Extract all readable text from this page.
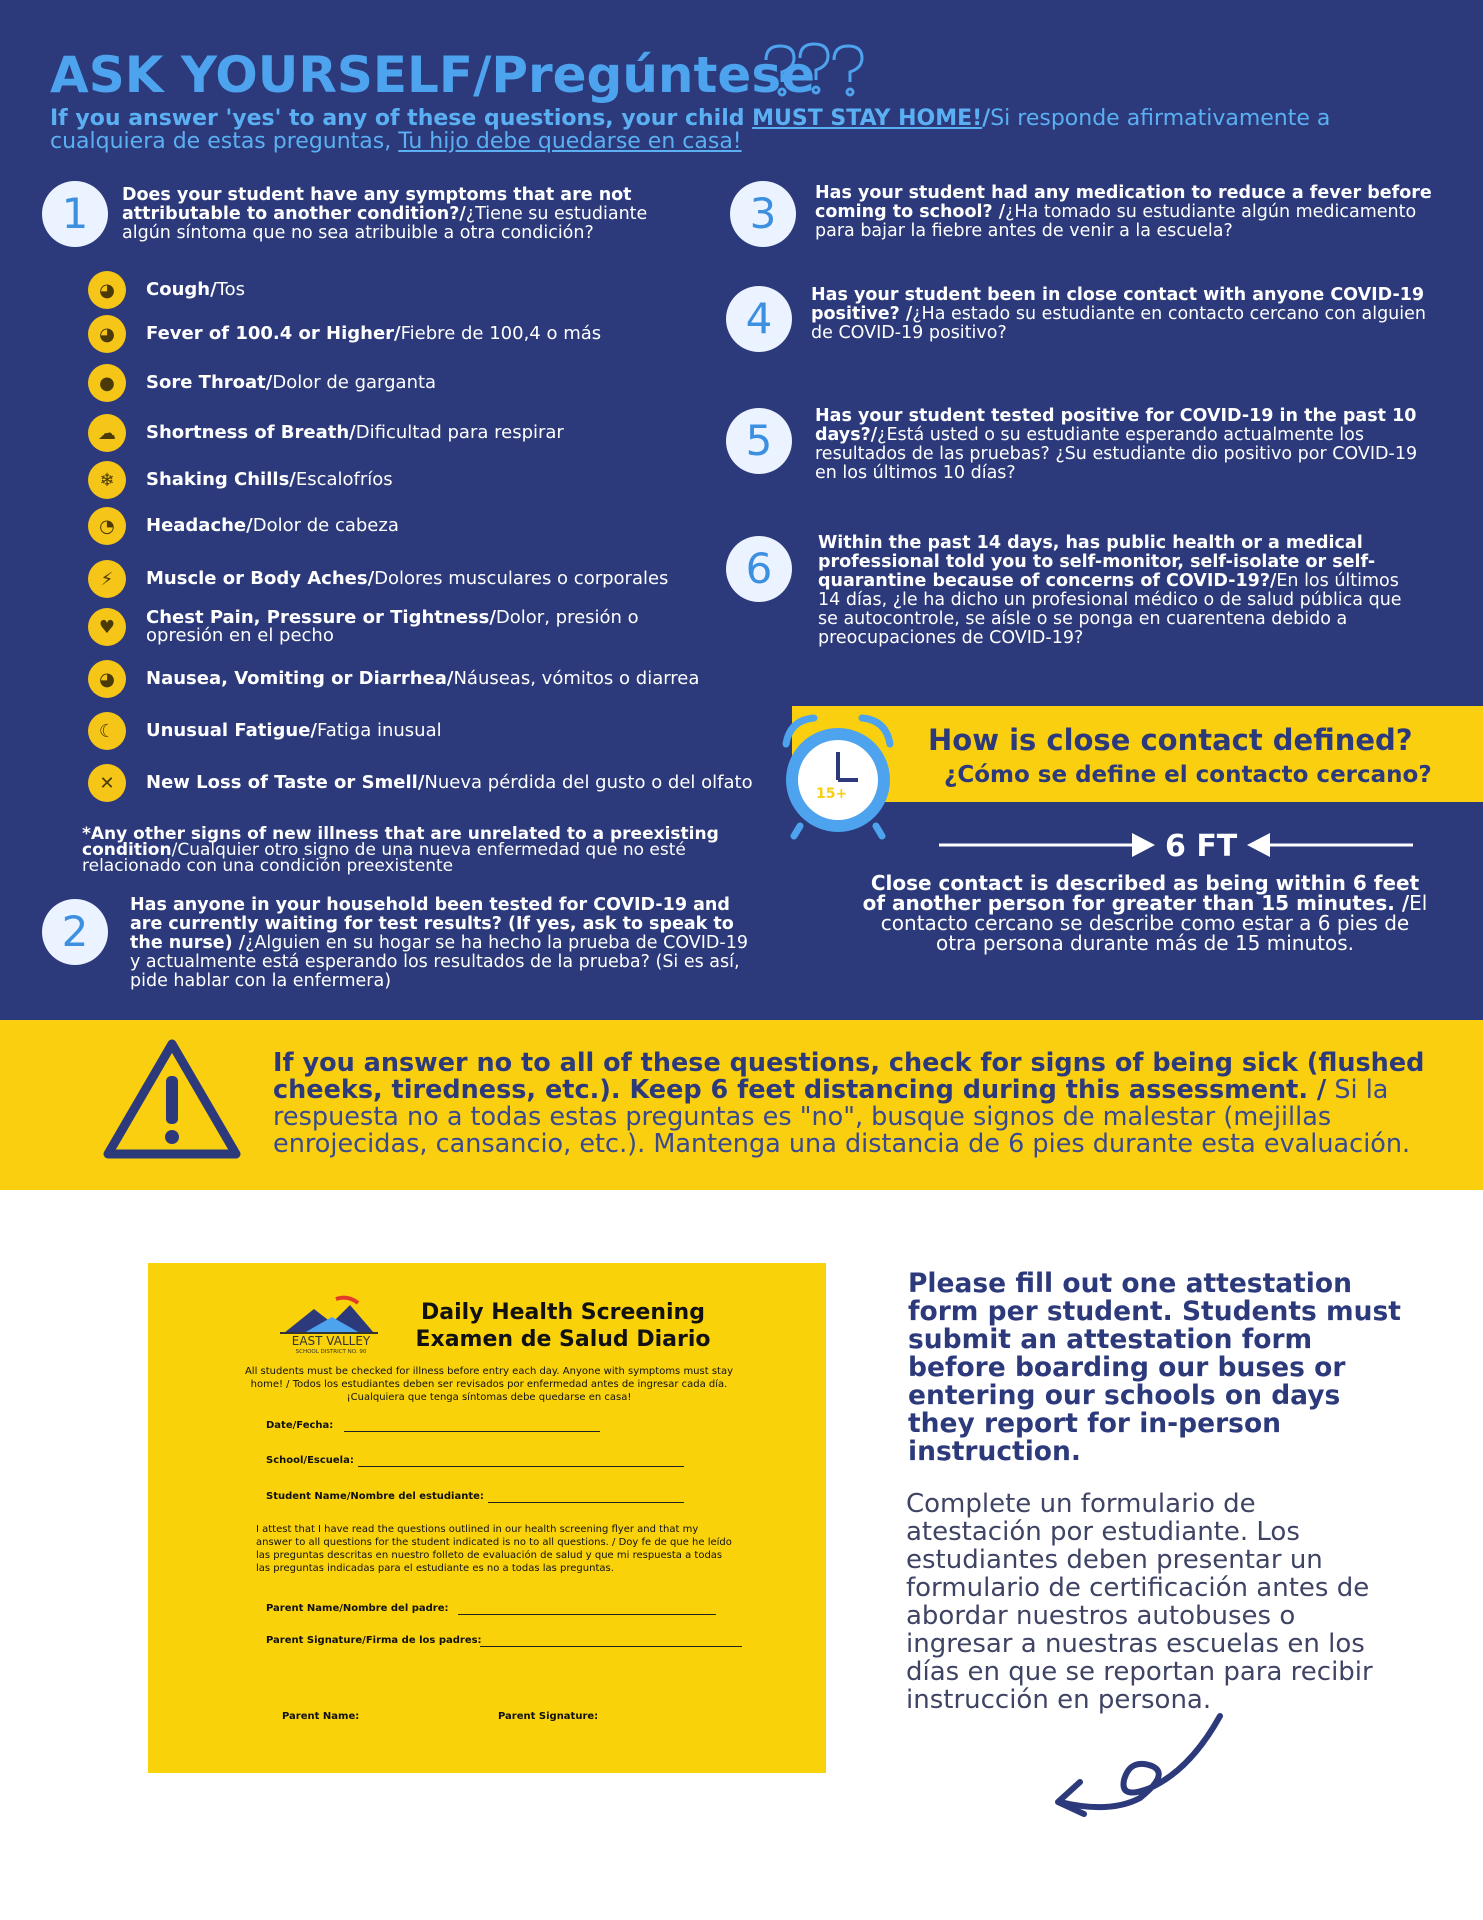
ASK YOURSELF/Pregúntese
If you answer 'yes' to any of these questions, your child MUST STAY HOME!/Si responde afirmativamente a cualquiera de estas preguntas, Tu hijo debe quedarse en casa!
1	Does your student have any symptoms that are not attributable to another condition?/¿Tiene su estudiante algún síntoma que no sea atribuible a otra condición?
◕	Cough/Tos
◕	Fever of 100.4 or Higher/Fiebre de 100,4 o más
●	Sore Throat/Dolor de garganta
☁	Shortness of Breath/Dificultad para respirar
❄	Shaking Chills/Escalofríos
◔	Headache/Dolor de cabeza
⚡	Muscle or Body Aches/Dolores musculares o corporales
♥	Chest Pain, Pressure or Tightness/Dolor, presión o opresión en el pecho
◕	Nausea, Vomiting or Diarrhea/Náuseas, vómitos o diarrea
☾	Unusual Fatigue/Fatiga inusual
✕	New Loss of Taste or Smell/Nueva pérdida del gusto o del olfato
*Any other signs of new illness that are unrelated to a preexisting condition/Cualquier otro signo de una nueva enfermedad que no esté relacionado con una condición preexistente
2
Has anyone in your household been tested for COVID-19 and are currently waiting for test results? (If yes, ask to speak to the nurse) /¿Alguien en su hogar se ha hecho la prueba de COVID-19 y actualmente está esperando los resultados de la prueba? (Si es así, pide hablar con la enfermera)
3	Has your student had any medication to reduce a fever before coming to school? /¿Ha tomado su estudiante algún medicamento para bajar la fiebre antes de venir a la escuela?
4	Has your student been in close contact with anyone COVID-19 positive? /¿Ha estado su estudiante en contacto cercano con alguien de COVID-19 positivo?
5	Has your student tested positive for COVID-19 in the past 10 days?/¿Está usted o su estudiante esperando actualmente los resultados de las pruebas? ¿Su estudiante dio positivo por COVID-19 en los últimos 10 días?
6
Within the past 14 days, has public health or a medical professional told you to self-monitor, self-isolate or self-quarantine because of concerns of COVID-19?/En los últimos 14 días, ¿le ha dicho un profesional médico o de salud pública que se autocontrole, se aísle o se ponga en cuarentena debido a preocupaciones de COVID-19?
15+
How is close contact defined?
¿Cómo se define el contacto cercano?
6 FT
Close contact is described as being within 6 feet of another person for greater than 15 minutes. /El contacto cercano se describe como estar a 6 pies de otra persona durante más de 15 minutos.
If you answer no to all of these questions, check for signs of being sick (flushed cheeks, tiredness, etc.). Keep 6 feet distancing during this assessment. / Si la respuesta no a todas estas preguntas es "no", busque signos de malestar (mejillas enrojecidas, cansancio, etc.). Mantenga una distancia de 6 pies durante esta evaluación.
EAST VALLEY
SCHOOL DISTRICT NO. 90
Daily Health Screening
Examen de Salud Diario
All students must be checked for illness before entry each day. Anyone with symptoms must stay home! / Todos los estudiantes deben ser revisados por enfermedad antes de ingresar cada día. ¡Cualquiera que tenga síntomas debe quedarse en casa!
Date/Fecha:
School/Escuela:
Student Name/Nombre del estudiante:
I attest that I have read the questions outlined in our health screening flyer and that my answer to all questions for the student indicated is no to all questions. / Doy fe de que he leído las preguntas descritas en nuestro folleto de evaluación de salud y que mi respuesta a todas las preguntas indicadas para el estudiante es no a todas las preguntas.
Parent Name/Nombre del padre:
Parent Signature/Firma de los padres:
Parent Name:	Parent Signature:
Please fill out one attestation form per student. Students must submit an attestation form before boarding our buses or entering our schools on days they report for in-person instruction.
Complete un formulario de atestación por estudiante. Los estudiantes deben presentar un formulario de certificación antes de abordar nuestros autobuses o ingresar a nuestras escuelas en los días en que se reportan para recibir instrucción en persona.
